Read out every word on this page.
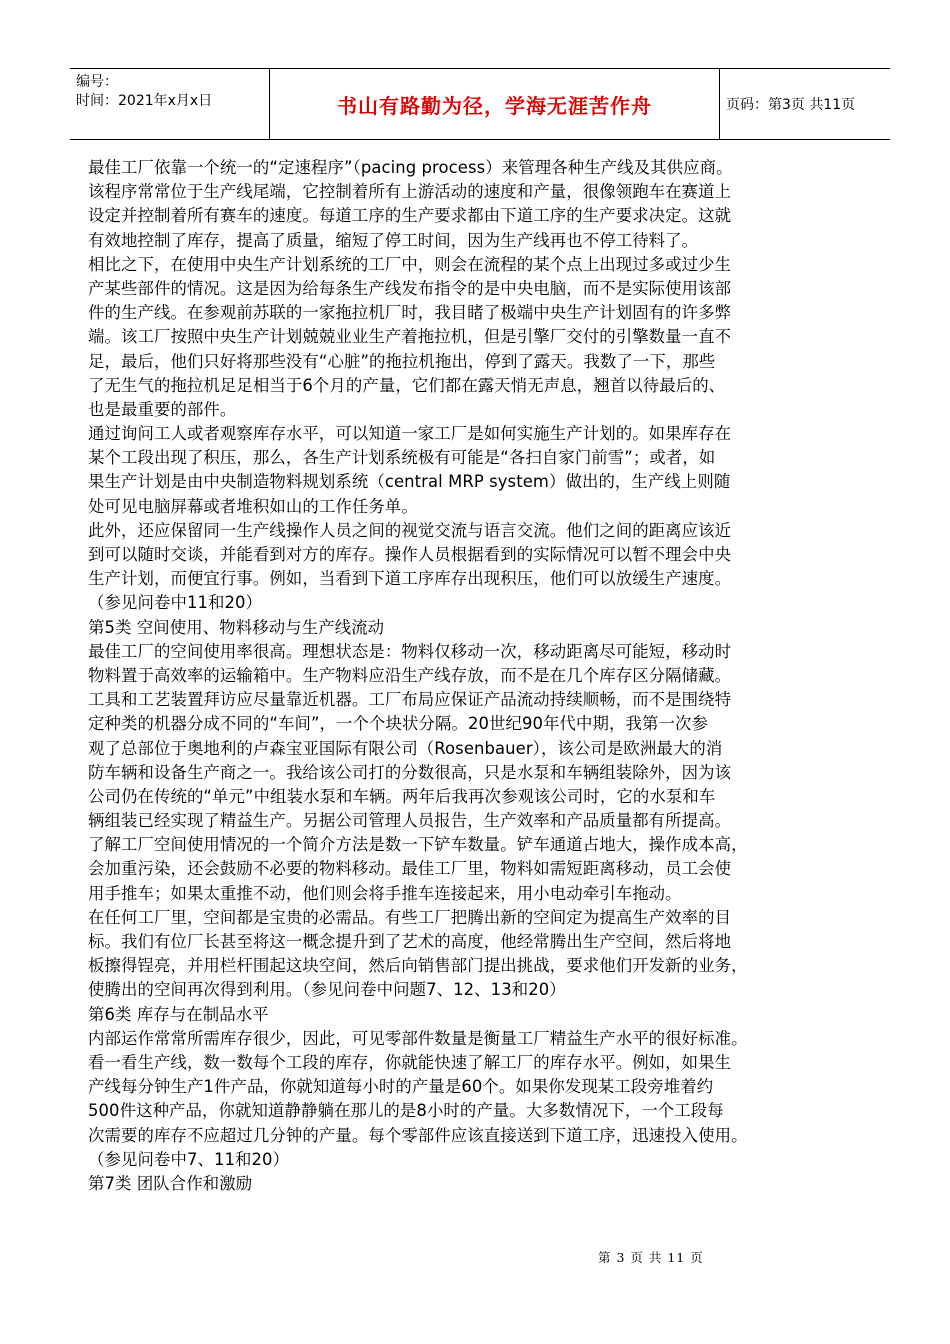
编号：
时间：2021年x月x日	书山有路勤为径，学海无涯苦作舟	页码：第3页 共11页
最佳工厂依靠一个统一的“定速程序”（pacing process）来管理各种生产线及其供应商。
该程序常常位于生产线尾端，它控制着所有上游活动的速度和产量，很像领跑车在赛道上
设定并控制着所有赛车的速度。每道工序的生产要求都由下道工序的生产要求决定。这就
有效地控制了库存，提高了质量，缩短了停工时间，因为生产线再也不停工待料了。
相比之下，在使用中央生产计划系统的工厂中，则会在流程的某个点上出现过多或过少生
产某些部件的情况。这是因为给每条生产线发布指令的是中央电脑，而不是实际使用该部
件的生产线。在参观前苏联的一家拖拉机厂时，我目睹了极端中央生产计划固有的许多弊
端。该工厂按照中央生产计划兢兢业业生产着拖拉机，但是引擎厂交付的引擎数量一直不
足，最后，他们只好将那些没有“心脏”的拖拉机拖出，停到了露天。我数了一下，那些
了无生气的拖拉机足足相当于6个月的产量，它们都在露天悄无声息，翘首以待最后的、
也是最重要的部件。
通过询问工人或者观察库存水平，可以知道一家工厂是如何实施生产计划的。如果库存在
某个工段出现了积压，那么，各生产计划系统极有可能是“各扫自家门前雪”；或者，如
果生产计划是由中央制造物料规划系统（central MRP system）做出的，生产线上则随
处可见电脑屏幕或者堆积如山的工作任务单。
此外，还应保留同一生产线操作人员之间的视觉交流与语言交流。他们之间的距离应该近
到可以随时交谈，并能看到对方的库存。操作人员根据看到的实际情况可以暂不理会中央
生产计划，而便宜行事。例如，当看到下道工序库存出现积压，他们可以放缓生产速度。
（参见问卷中11和20）
第5类 空间使用、物料移动与生产线流动
最佳工厂的空间使用率很高。理想状态是：物料仅移动一次，移动距离尽可能短，移动时
物料置于高效率的运输箱中。生产物料应沿生产线存放，而不是在几个库存区分隔储藏。
工具和工艺装置拜访应尽量靠近机器。工厂布局应保证产品流动持续顺畅，而不是围绕特
定种类的机器分成不同的“车间”，一个个块状分隔。20世纪90年代中期，我第一次参
观了总部位于奥地利的卢森宝亚国际有限公司（Rosenbauer），该公司是欧洲最大的消
防车辆和设备生产商之一。我给该公司打的分数很高，只是水泵和车辆组装除外，因为该
公司仍在传统的“单元”中组装水泵和车辆。两年后我再次参观该公司时，它的水泵和车
辆组装已经实现了精益生产。另据公司管理人员报告，生产效率和产品质量都有所提高。
了解工厂空间使用情况的一个简介方法是数一下铲车数量。铲车通道占地大，操作成本高，
会加重污染，还会鼓励不必要的物料移动。最佳工厂里，物料如需短距离移动，员工会使
用手推车；如果太重推不动，他们则会将手推车连接起来，用小电动牵引车拖动。
在任何工厂里，空间都是宝贵的必需品。有些工厂把腾出新的空间定为提高生产效率的目
标。我们有位厂长甚至将这一概念提升到了艺术的高度，他经常腾出生产空间，然后将地
板擦得锃亮，并用栏杆围起这块空间，然后向销售部门提出挑战，要求他们开发新的业务，
使腾出的空间再次得到利用。（参见问卷中问题7、12、13和20）
第6类 库存与在制品水平
内部运作常常所需库存很少，因此，可见零部件数量是衡量工厂精益生产水平的很好标准。
看一看生产线，数一数每个工段的库存，你就能快速了解工厂的库存水平。例如，如果生
产线每分钟生产1件产品，你就知道每小时的产量是60个。如果你发现某工段旁堆着约
500件这种产品，你就知道静静躺在那儿的是8小时的产量。大多数情况下，一个工段每
次需要的库存不应超过几分钟的产量。每个零部件应该直接送到下道工序，迅速投入使用。
（参见问卷中7、11和20）
第7类 团队合作和激励
第 3 页 共 11 页
